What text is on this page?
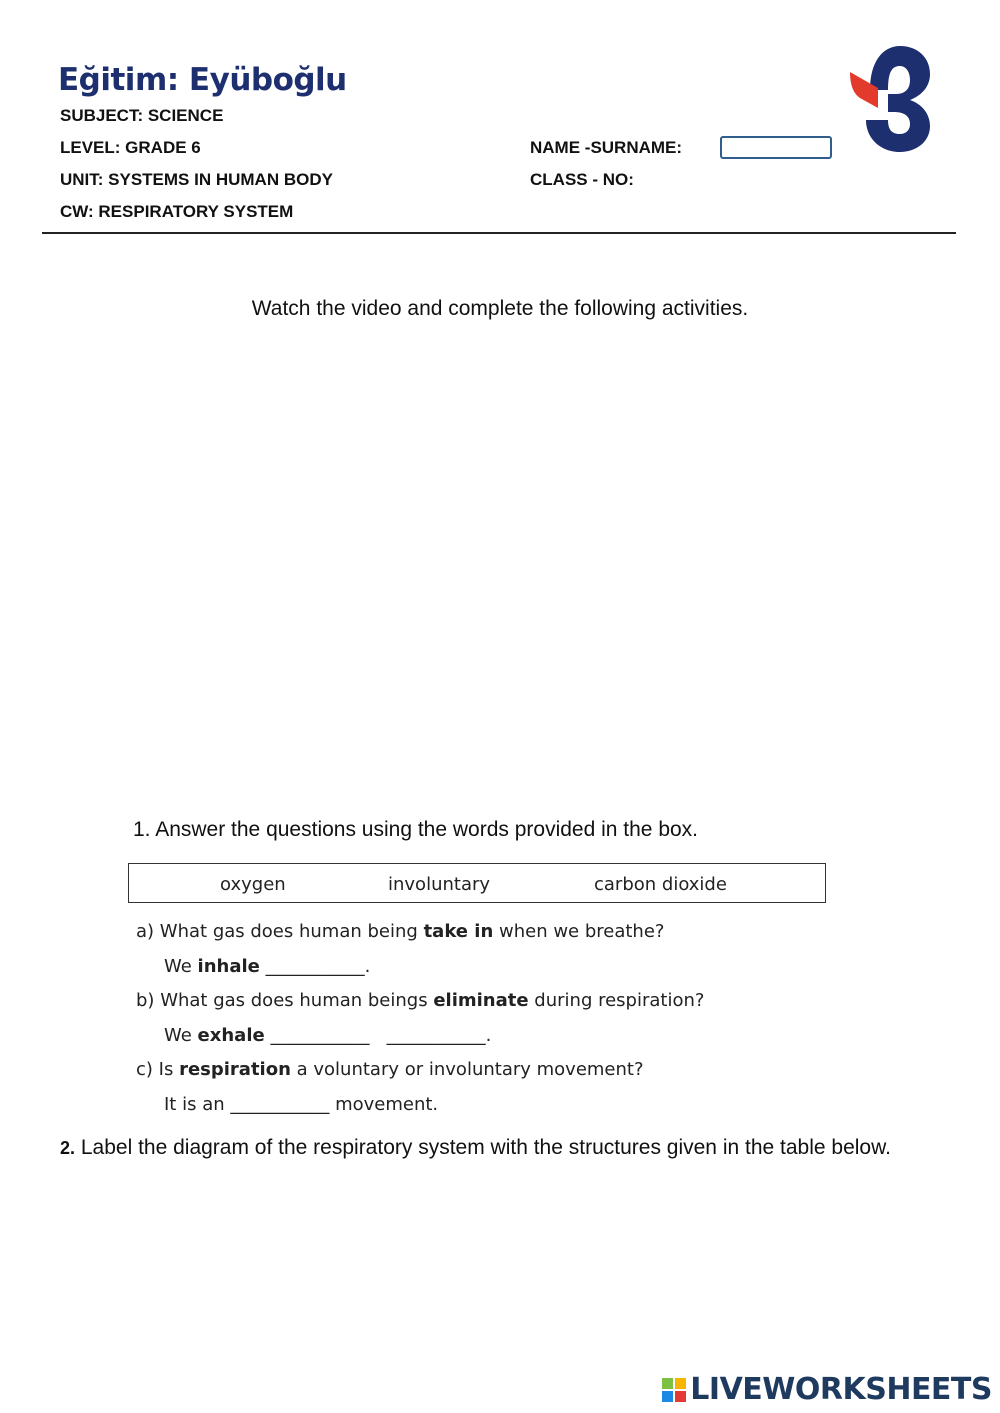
Eğitim: Eyüboğlu
SUBJECT: SCIENCE
LEVEL: GRADE 6
UNIT: SYSTEMS IN HUMAN BODY
CW: RESPIRATORY SYSTEM
NAME -SURNAME:
CLASS - NO:
Watch the video and complete the following activities.
1. Answer the questions using the words provided in the box.
oxygen	involuntary	carbon dioxide
a) What gas does human being take in when we breathe?
We inhale ___________.
b) What gas does human beings eliminate during respiration?
We exhale ___________   ___________.
c) Is respiration a voluntary or involuntary movement?
It is an ___________ movement.
2. Label the diagram of the respiratory system with the structures given in the table below.
LIVEWORKSHEETS
